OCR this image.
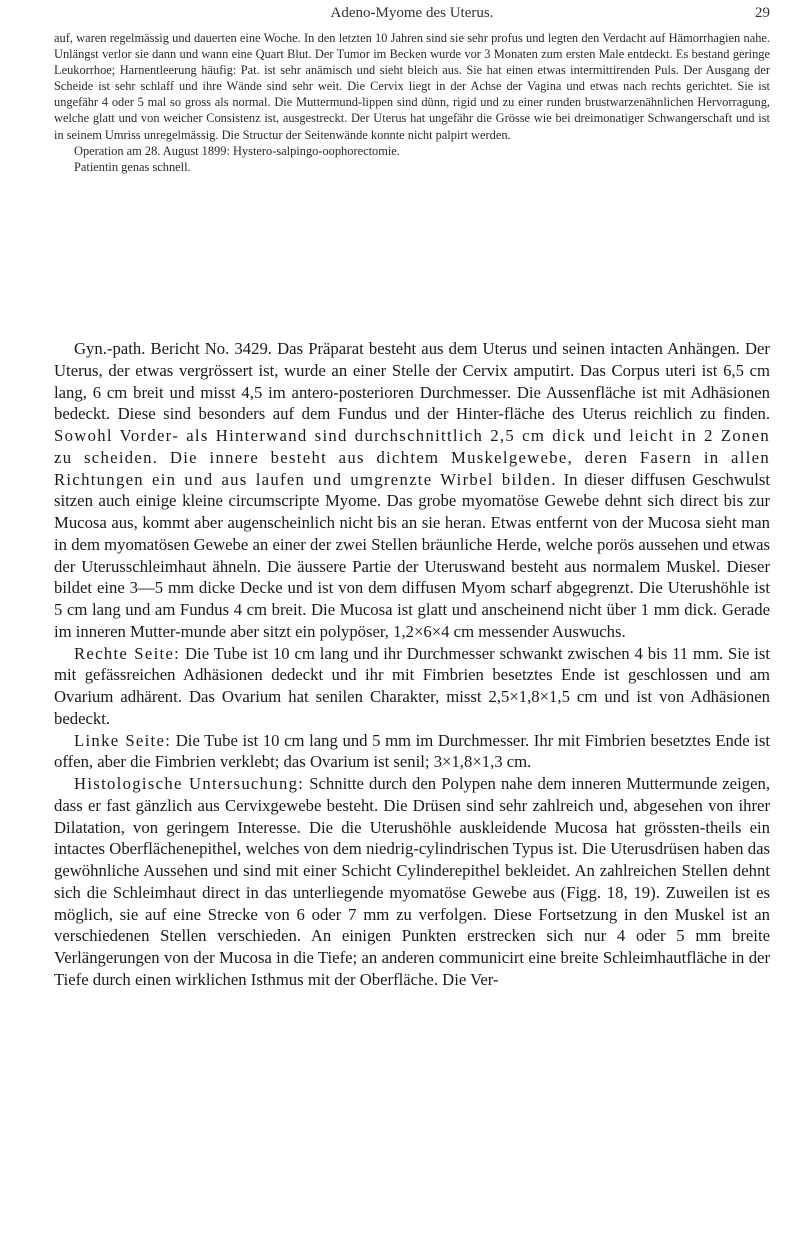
Adeno-Myome des Uterus.	29

auf, waren regelmässig und dauerten eine Woche. In den letzten 10 Jahren sind sie sehr profus und legten den Verdacht auf Hämorrhagien nahe. Unlängst verlor sie dann und wann eine Quart Blut. Der Tumor im Becken wurde vor 3 Monaten zum ersten Male entdeckt. Es bestand geringe Leukorrhoe; Harnentleerung häufig: Pat. ist sehr anämisch und sieht bleich aus. Sie hat einen etwas intermittirenden Puls. Der Ausgang der Scheide ist sehr schlaff und ihre Wände sind sehr weit. Die Cervix liegt in der Achse der Vagina und etwas nach rechts gerichtet. Sie ist ungefähr 4 oder 5 mal so gross als normal. Die Muttermund-lippen sind dünn, rigid und zu einer runden brustwarzenähnlichen Hervorragung, welche glatt und von weicher Consistenz ist, ausgestreckt. Der Uterus hat ungefähr die Grösse wie bei dreimonatiger Schwangerschaft und ist in seinem Umriss unregelmässig. Die Structur der Seitenwände konnte nicht palpirt werden.

Operation am 28. August 1899: Hystero-salpingo-oophorectomie.

Patientin genas schnell.

Gyn.-path. Bericht No. 3429. Das Präparat besteht aus dem Uterus und seinen intacten Anhängen. Der Uterus, der etwas vergrössert ist, wurde an einer Stelle der Cervix amputirt. Das Corpus uteri ist 6,5 cm lang, 6 cm breit und misst 4,5 im antero-posterioren Durchmesser. Die Aussenfläche ist mit Adhäsionen bedeckt. Diese sind besonders auf dem Fundus und der Hinter-fläche des Uterus reichlich zu finden. Sowohl Vorder- als Hinterwand sind durchschnittlich 2,5 cm dick und leicht in 2 Zonen zu scheiden. Die innere besteht aus dichtem Muskelgewebe, deren Fasern in allen Richtungen ein und aus laufen und umgrenzte Wirbel bilden. In dieser diffusen Geschwulst sitzen auch einige kleine circumscripte Myome. Das grobe myomatöse Gewebe dehnt sich direct bis zur Mucosa aus, kommt aber augenscheinlich nicht bis an sie heran. Etwas entfernt von der Mucosa sieht man in dem myomatösen Gewebe an einer der zwei Stellen bräunliche Herde, welche porös aussehen und etwas der Uterusschleimhaut ähneln. Die äussere Partie der Uteruswand besteht aus normalem Muskel. Dieser bildet eine 3—5 mm dicke Decke und ist von dem diffusen Myom scharf abgegrenzt. Die Uterushöhle ist 5 cm lang und am Fundus 4 cm breit. Die Mucosa ist glatt und anscheinend nicht über 1 mm dick. Gerade im inneren Mutter-munde aber sitzt ein polypöser, 1,2×6×4 cm messender Auswuchs.

Rechte Seite: Die Tube ist 10 cm lang und ihr Durchmesser schwankt zwischen 4 bis 11 mm. Sie ist mit gefässreichen Adhäsionen dedeckt und ihr mit Fimbrien besetztes Ende ist geschlossen und am Ovarium adhärent. Das Ovarium hat senilen Charakter, misst 2,5×1,8×1,5 cm und ist von Adhäsionen bedeckt.

Linke Seite: Die Tube ist 10 cm lang und 5 mm im Durchmesser. Ihr mit Fimbrien besetztes Ende ist offen, aber die Fimbrien verklebt; das Ovarium ist senil; 3×1,8×1,3 cm.

Histologische Untersuchung: Schnitte durch den Polypen nahe dem inneren Muttermunde zeigen, dass er fast gänzlich aus Cervixgewebe besteht. Die Drüsen sind sehr zahlreich und, abgesehen von ihrer Dilatation, von geringem Interesse. Die die Uterushöhle auskleidende Mucosa hat grössten-theils ein intactes Oberflächenepithel, welches von dem niedrig-cylindrischen Typus ist. Die Uterusdrüsen haben das gewöhnliche Aussehen und sind mit einer Schicht Cylinderepithel bekleidet. An zahlreichen Stellen dehnt sich die Schleimhaut direct in das unterliegende myomatöse Gewebe aus (Figg. 18, 19). Zuweilen ist es möglich, sie auf eine Strecke von 6 oder 7 mm zu verfolgen. Diese Fortsetzung in den Muskel ist an verschiedenen Stellen verschieden. An einigen Punkten erstrecken sich nur 4 oder 5 mm breite Verlängerungen von der Mucosa in die Tiefe; an anderen communicirt eine breite Schleimhautfläche in der Tiefe durch einen wirklichen Isthmus mit der Oberfläche. Die Ver-
